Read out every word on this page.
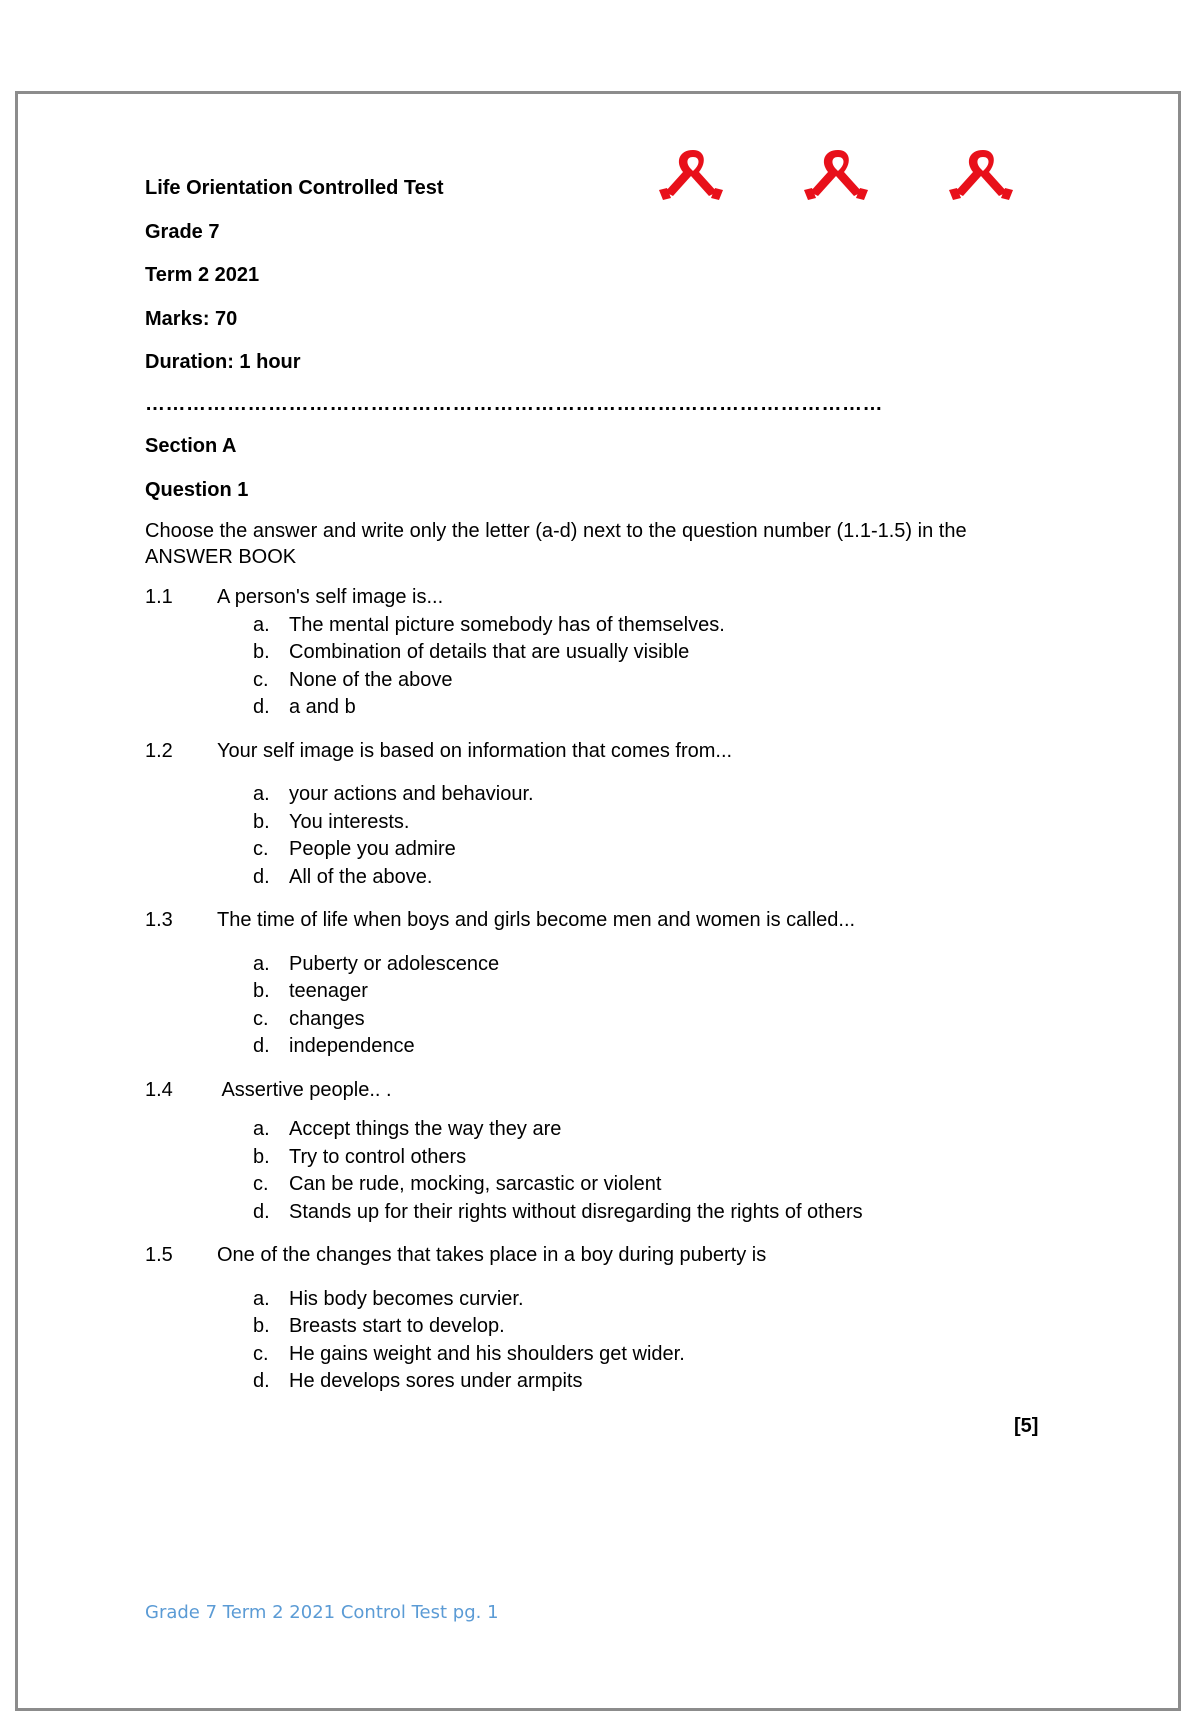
Life Orientation Controlled Test
Grade 7
Term 2 2021
Marks: 70
Duration: 1 hour
………………………………………………………………………………………………
Section A
Question 1
Choose the answer and write only the letter (a-d) next to the question number (1.1-1.5) in the ANSWER BOOK
1.1	A person's self image is...
a. The mental picture somebody has of themselves.
b. Combination of details that are usually visible
c.	None of the above
d. a and b
1.2	Your self image is based on information that comes from...
a. your actions and behaviour.
b. You interests.
c.	People you admire
d. All of the above.
1.3	The time of life when boys and girls become men and women is called...
a. Puberty or adolescence
b. teenager
c.	changes
d. independence
1.4	Assertive people.. .
a. Accept things the way they are
b. Try to control others
c.	Can be rude, mocking, sarcastic or violent
d. Stands up for their rights without disregarding the rights of others
1.5	One of the changes that takes place in a boy during puberty is
a. His body becomes curvier.
b. Breasts start to develop.
c.	He gains weight and his shoulders get wider.
d. He develops sores under armpits
[5]
Grade 7 Term 2 2021 Control Test pg. 1
